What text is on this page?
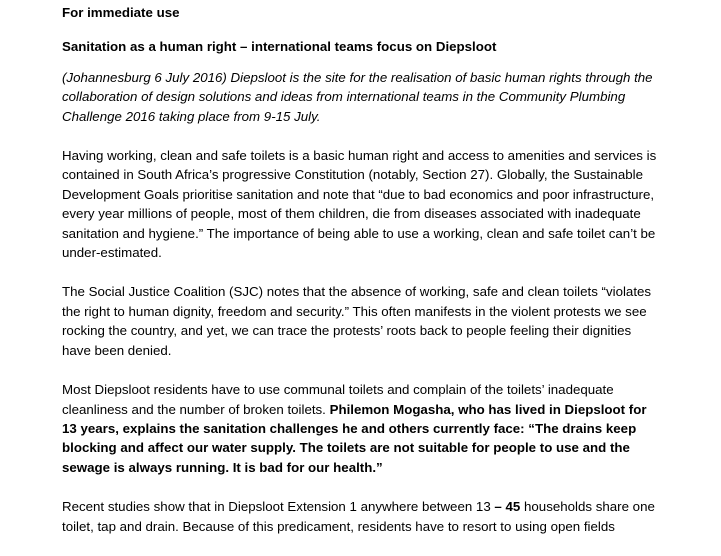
For immediate use

Sanitation as a human right – international teams focus on Diepsloot

(Johannesburg 6 July 2016) Diepsloot is the site for the realisation of basic human rights through the collaboration of design solutions and ideas from international teams in the Community Plumbing Challenge 2016 taking place from 9-15 July.

Having working, clean and safe toilets is a basic human right and access to amenities and services is contained in South Africa’s progressive Constitution (notably, Section 27). Globally, the Sustainable Development Goals prioritise sanitation and note that “due to bad economics and poor infrastructure, every year millions of people, most of them children, die from diseases associated with inadequate sanitation and hygiene.” The importance of being able to use a working, clean and safe toilet can’t be under-estimated.

The Social Justice Coalition (SJC) notes that the absence of working, safe and clean toilets “violates the right to human dignity, freedom and security.” This often manifests in the violent protests we see rocking the country, and yet, we can trace the protests’ roots back to people feeling their dignities have been denied.

Most Diepsloot residents have to use communal toilets and complain of the toilets’ inadequate cleanliness and the number of broken toilets. Philemon Mogasha, who has lived in Diepsloot for 13 years, explains the sanitation challenges he and others currently face: “The drains keep blocking and affect our water supply. The toilets are not suitable for people to use and the sewage is always running. It is bad for our health.”

Recent studies show that in Diepsloot Extension 1 anywhere between 13 – 45 households share one toilet, tap and drain. Because of this predicament, residents have to resort to using open fields
